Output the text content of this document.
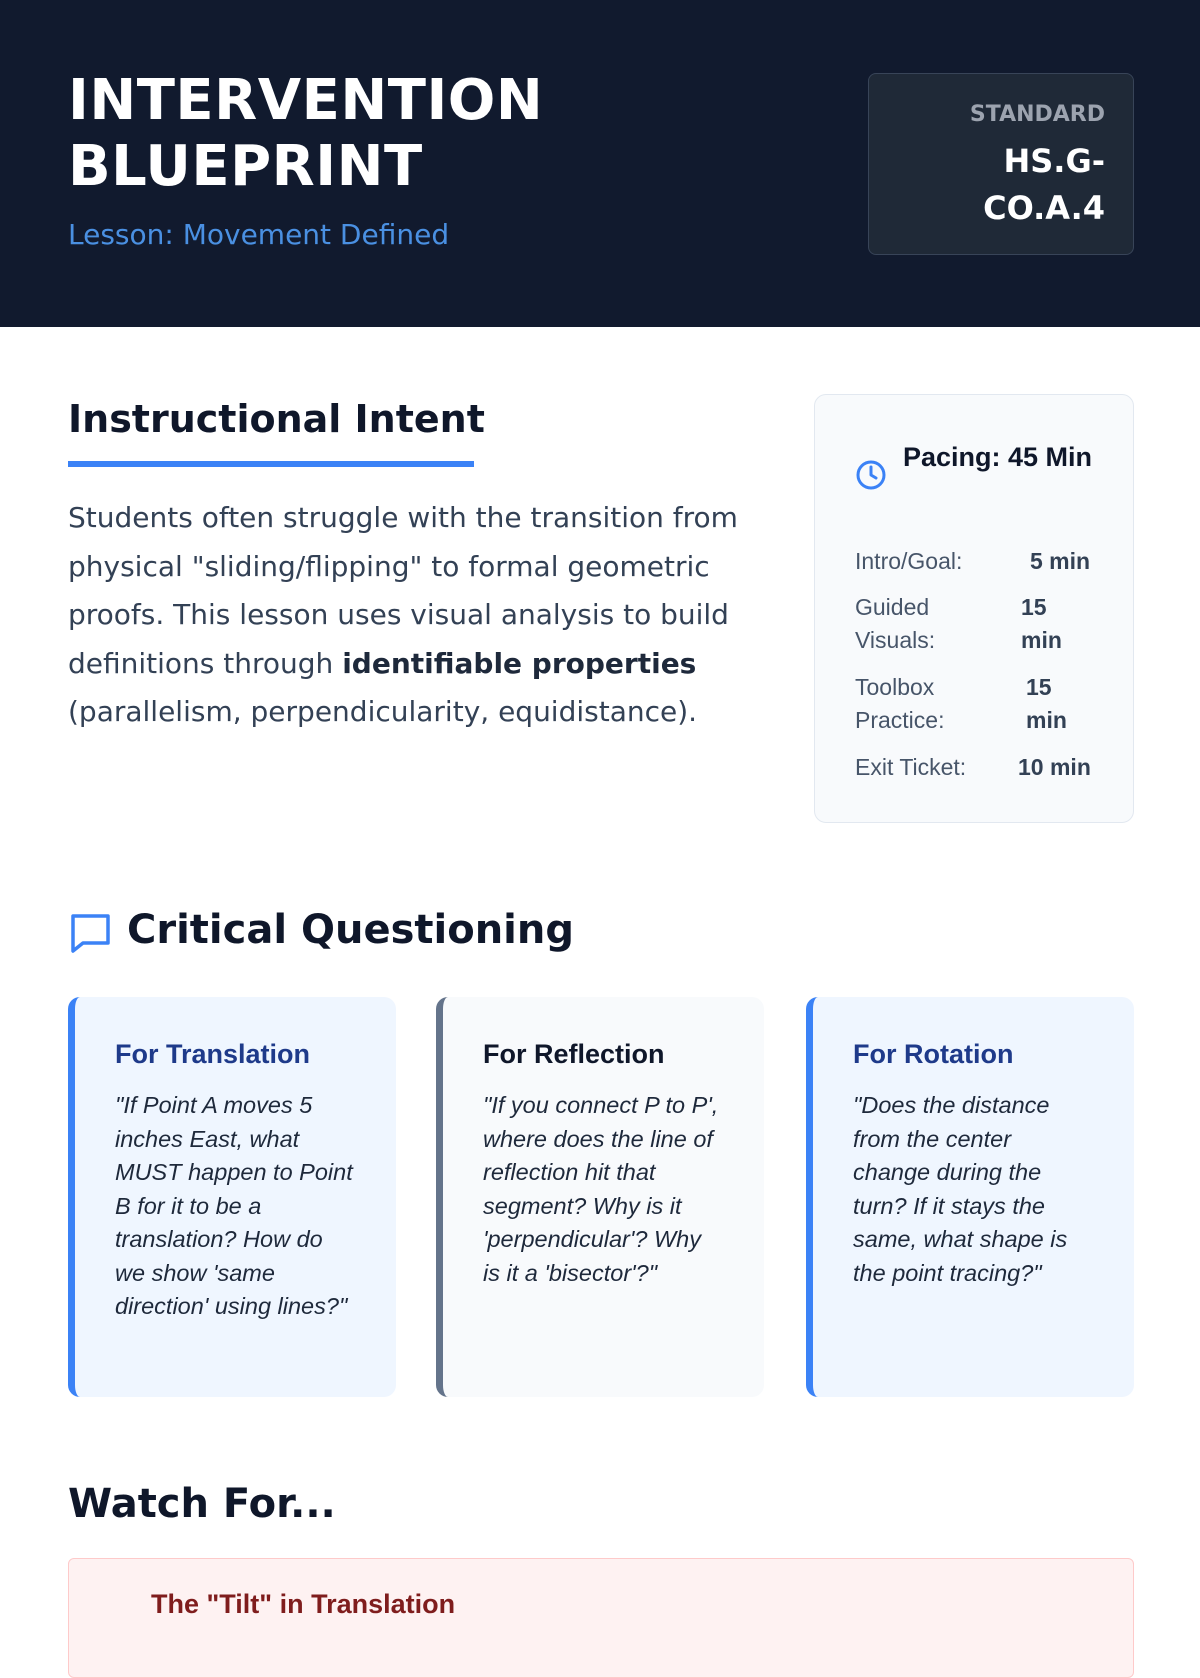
INTERVENTION BLUEPRINT
Lesson: Movement Defined
STANDARD
HS.G-CO.A.4
Instructional Intent

Students often struggle with the transition from physical "sliding/flipping" to formal geometric proofs. This lesson uses visual analysis to build definitions through identifiable properties (parallelism, perpendicularity, equidistance).

Pacing: 45 Min
Intro/Goal:	5 min
Guided Visuals:
15 min
Toolbox Practice:
15 min
Exit Ticket: 10 min
Critical Questioning
For Translation
"If Point A moves 5 inches East, what MUST happen to Point B for it to be a translation? How do we show 'same direction' using lines?"
For Reflection
"If you connect P to P', where does the line of reflection hit that segment? Why is it 'perpendicular'? Why is it a 'bisector'?"
For Rotation
"Does the distance from the center change during the turn? If it stays the same, what shape is the point tracing?"
Watch For...
The "Tilt" in Translation
